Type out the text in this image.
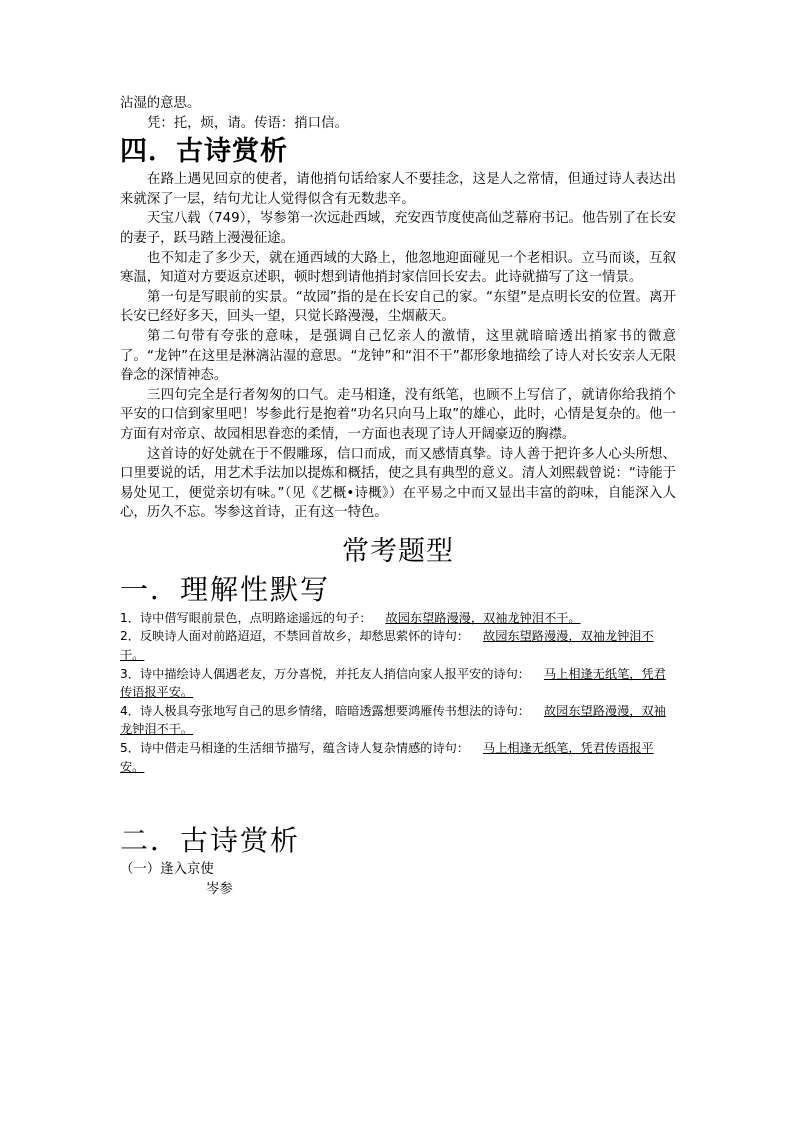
沾湿的意思。

凭：托，烦，请。传语：捎口信。

四．古诗赏析

在路上遇见回京的使者，请他捎句话给家人不要挂念，这是人之常情，但通过诗人表达出来就深了一层，结句尤让人觉得似含有无数悲辛。

天宝八载（749），岑参第一次远赴西域，充安西节度使高仙芝幕府书记。他告别了在长安的妻子，跃马踏上漫漫征途。

也不知走了多少天，就在通西域的大路上，他忽地迎面碰见一个老相识。立马而谈，互叙寒温，知道对方要返京述职，顿时想到请他捎封家信回长安去。此诗就描写了这一情景。

第一句是写眼前的实景。“故园”指的是在长安自己的家。“东望”是点明长安的位置。离开长安已经好多天，回头一望，只觉长路漫漫，尘烟蔽天。

第二句带有夸张的意味，是强调自己忆亲人的激情，这里就暗暗透出捎家书的微意了。“龙钟”在这里是淋漓沾湿的意思。“龙钟”和“泪不干”都形象地描绘了诗人对长安亲人无限眷念的深情神态。

三四句完全是行者匆匆的口气。走马相逢，没有纸笔，也顾不上写信了，就请你给我捎个平安的口信到家里吧！岑参此行是抱着“功名只向马上取”的雄心，此时，心情是复杂的。他一方面有对帝京、故园相思眷恋的柔情，一方面也表现了诗人开阔豪迈的胸襟。

这首诗的好处就在于不假雕琢，信口而成，而又感情真挚。诗人善于把许多人心头所想、口里要说的话，用艺术手法加以提炼和概括，使之具有典型的意义。清人刘熙载曾说：“诗能于易处见工，便觉亲切有味。”（见《艺概•诗概》）在平易之中而又显出丰富的韵味，自能深入人心，历久不忘。岑参这首诗，正有这一特色。

常考题型
一．理解性默写

1．诗中借写眼前景色，点明路途遥远的句子： 故园东望路漫漫，双袖龙钟泪不干。

2．反映诗人面对前路迢迢，不禁回首故乡，却愁思萦怀的诗句： 故园东望路漫漫，双袖龙钟泪不干。

3．诗中描绘诗人偶遇老友，万分喜悦，并托友人捎信向家人报平安的诗句： 马上相逢无纸笔，凭君传语报平安。

4．诗人极具夸张地写自己的思乡情绪，暗暗透露想要鸿雁传书想法的诗句： 故园东望路漫漫，双袖龙钟泪不干。

5．诗中借走马相逢的生活细节描写，蕴含诗人复杂情感的诗句： 马上相逢无纸笔，凭君传语报平安。

二．古诗赏析

（一）逢入京使

岑参
